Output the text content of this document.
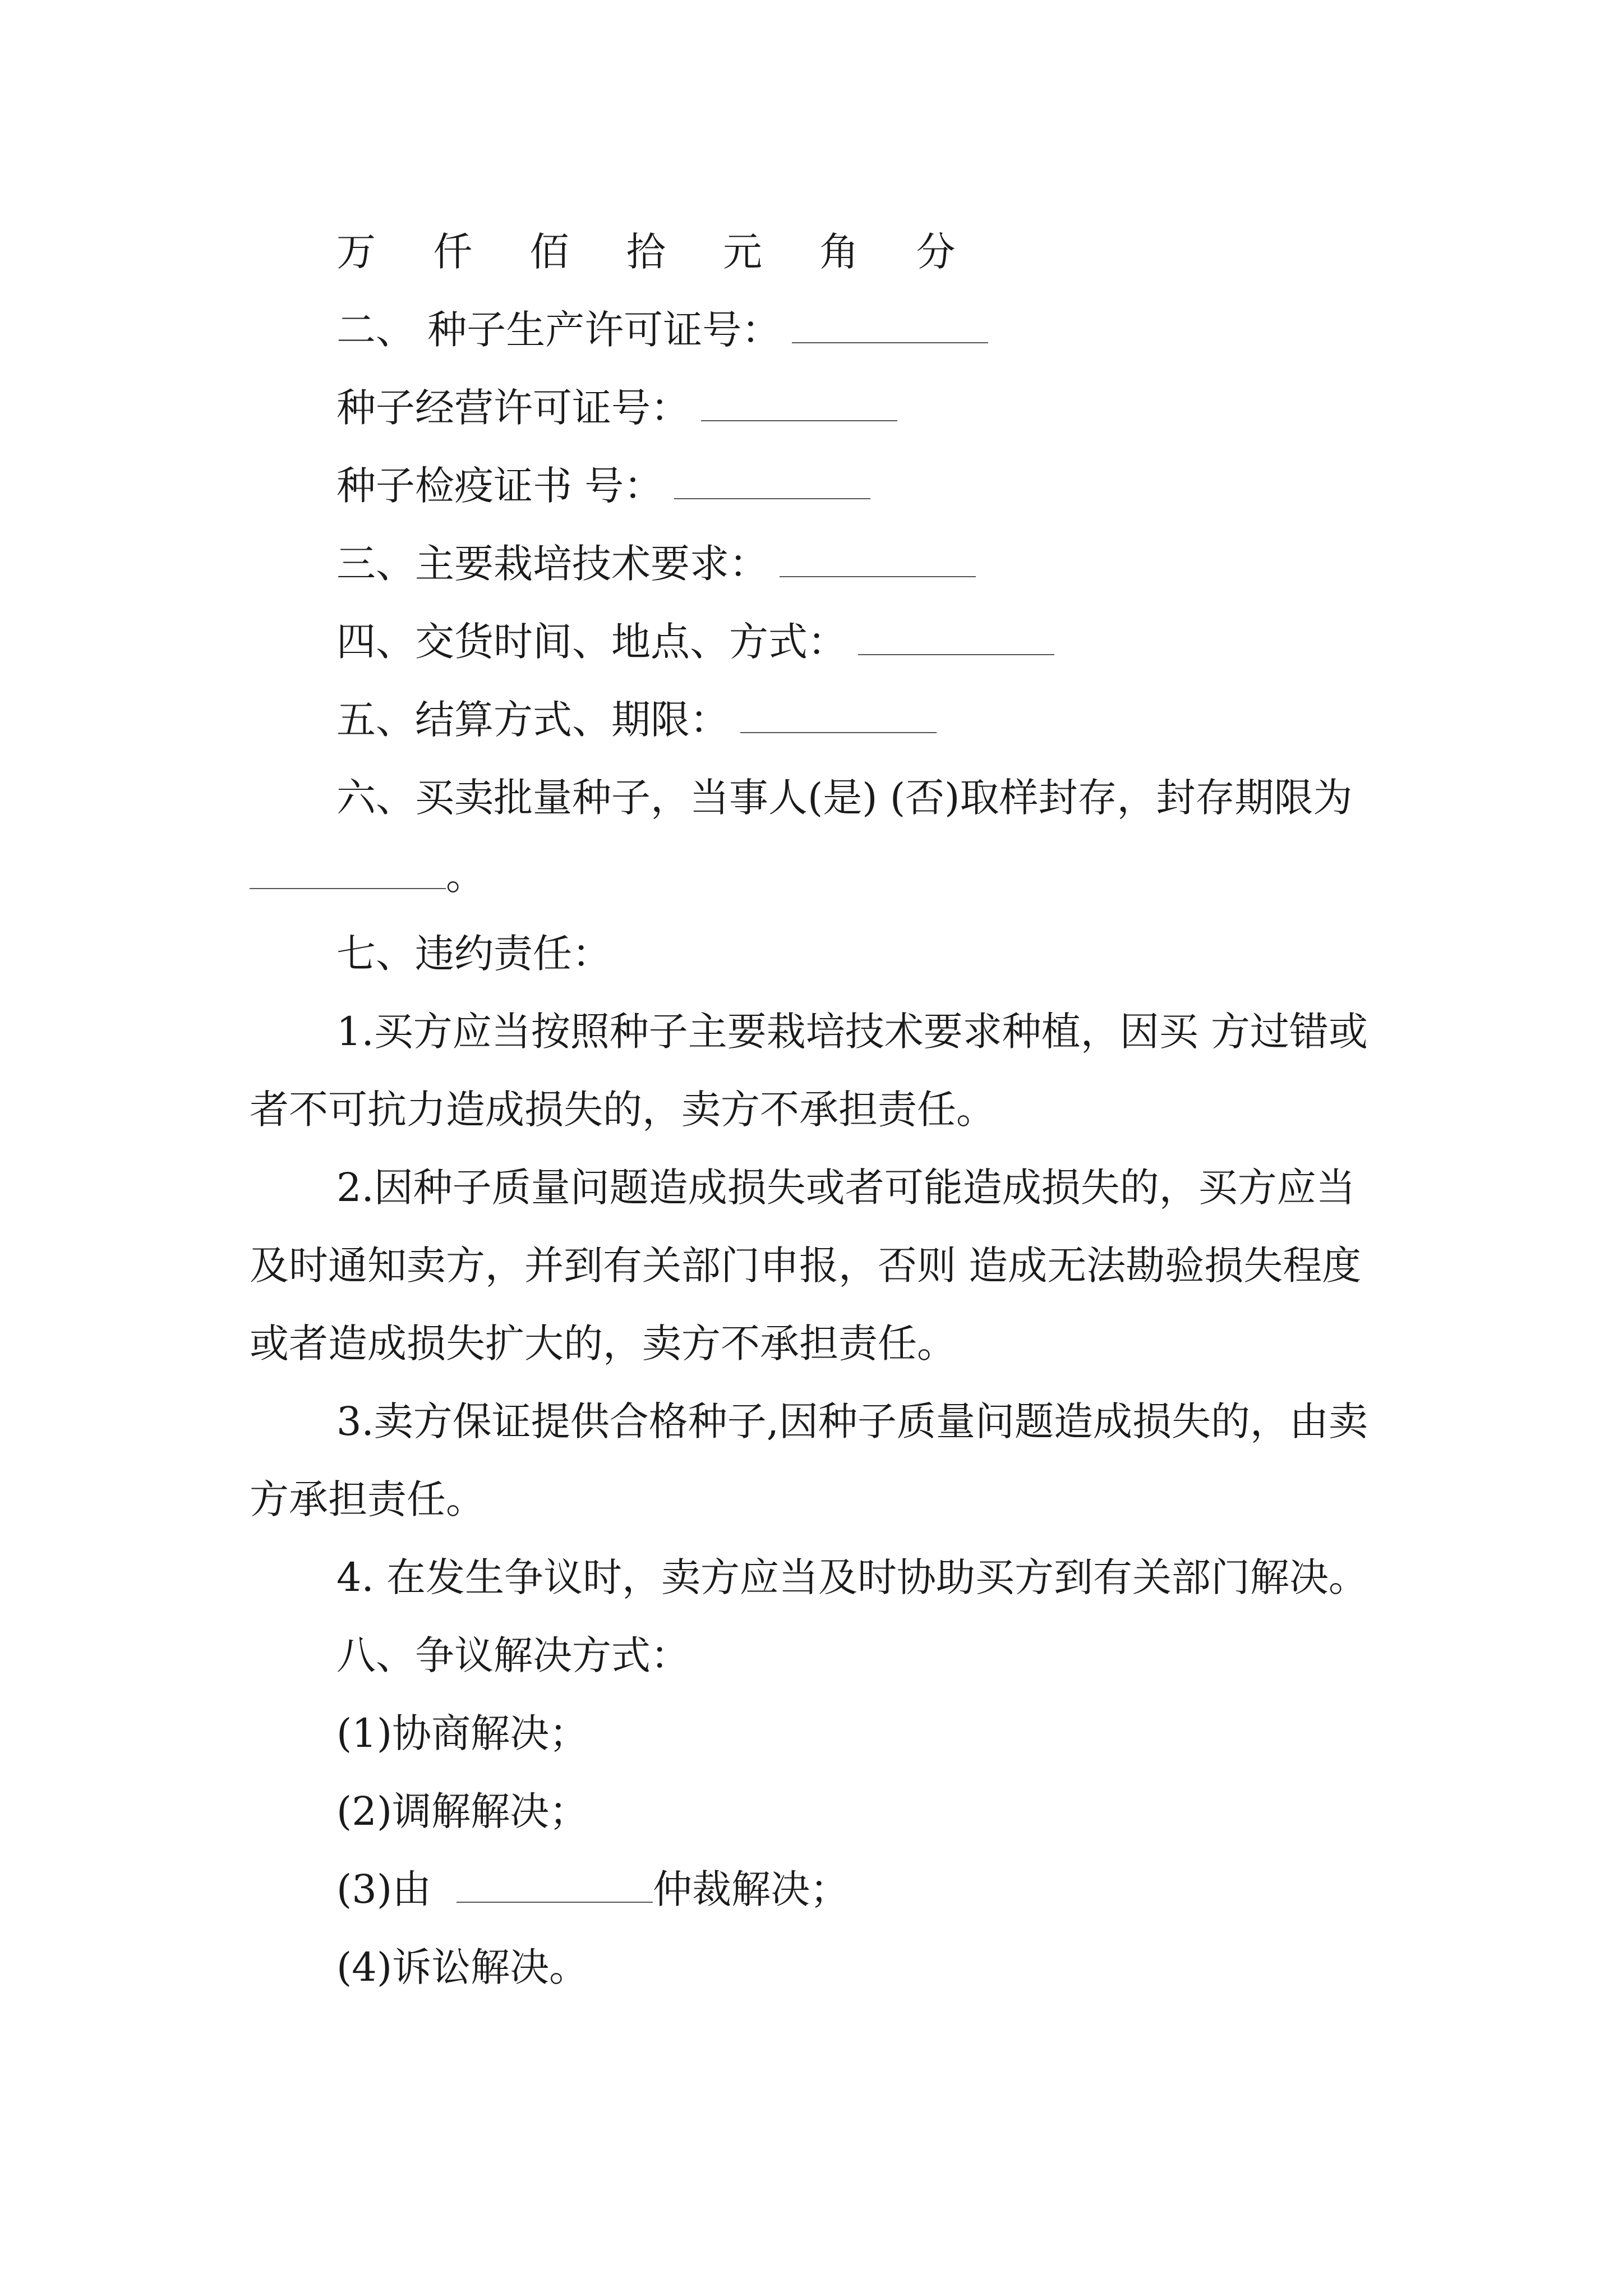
万 仟 佰 拾 元 角 分

二、 种子生产许可证号：

种子经营许可证号：

种子检疫证书 号：

三、主要栽培技术要求：

四、交货时间、地点、方式：

五、结算方式、期限：

六、买卖批量种子，当事人(是) (否)取样封存，封存期限为。

七、违约责任：

1.买方应当按照种子主要栽培技术要求种植，因买 方过错或者不可抗力造成损失的，卖方不承担责任。

2.因种子质量问题造成损失或者可能造成损失的，买方应当及时通知卖方，并到有关部门申报，否则 造成无法勘验损失程度或者造成损失扩大的，卖方不承担责任。

3.卖方保证提供合格种子,因种子质量问题造成损失的，由卖方承担责任。

4. 在发生争议时，卖方应当及时协助买方到有关部门解决。

八、争议解决方式：

(1)协商解决；

(2)调解解决；

(3)由	仲裁解决；

(4)诉讼解决。
